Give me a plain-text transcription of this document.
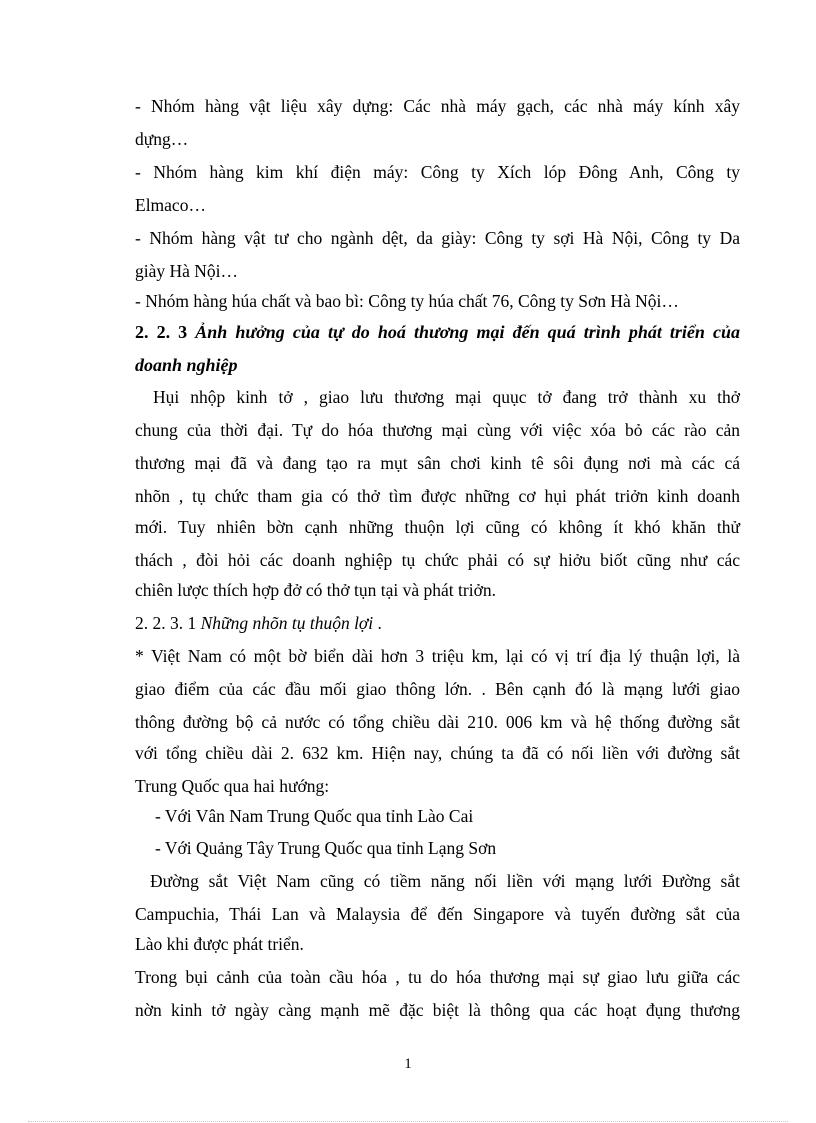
- Nhóm hàng vật liệu xây dựng: Các nhà máy gạch, các nhà máy kính xây
dựng…
- Nhóm hàng kim khí điện máy: Công ty Xích lóp Đông Anh, Công ty
Elmaco…
- Nhóm hàng vật tư cho ngành dệt, da giày: Công ty sợi Hà Nội, Công ty Da
giày Hà Nội…
- Nhóm hàng húa chất và bao bì: Công ty húa chất 76, Công ty Sơn Hà Nội…
2. 2. 3 Ảnh hưởng của tự do hoá thương mại đến quá trình phát triển của
doanh nghiệp
Hụi nhộp kinh tở , giao lưu thương mại quục tở đang trở thành xu thở
chung của thời đại. Tự do hóa thương mại cùng với việc xóa bỏ các rào cản
thương mại đã và đang tạo ra mụt sân chơi kinh tê sôi đụng nơi mà các cá
nhõn , tụ chức tham gia có thở tìm được những cơ hụi phát triởn kinh doanh
mới. Tuy nhiên bờn cạnh những thuộn lợi cũng có không ít khó khăn thử
thách , đòi hỏi các doanh nghiệp tụ chức phải có sự hiởu biốt cũng như các
chiên lược thích hợp đở có thở tụn tại và phát triởn.
2. 2. 3. 1 Những nhõn tụ thuộn lợi .
* Việt Nam có một bờ biển dài hơn 3 triệu km, lại có vị trí địa lý thuận lợi, là
giao điểm của các đầu mối giao thông lớn. . Bên cạnh đó là mạng lưới giao
thông đường bộ cả nước có tổng chiều dài 210. 006 km và hệ thống đường sắt
với tổng chiều dài 2. 632 km. Hiện nay, chúng ta đã có nối liền với đường sắt
Trung Quốc qua hai hướng:
- Với Vân Nam Trung Quốc qua tỉnh Lào Cai
- Với Quảng Tây Trung Quốc qua tỉnh Lạng Sơn
Đường sắt Việt Nam cũng có tiềm năng nối liền với mạng lưới Đường sắt
Campuchia, Thái Lan và Malaysia để đến Singapore và tuyến đường sắt của
Lào khi được phát triển.
Trong bụi cảnh của toàn cầu hóa , tu do hóa thương mại sự giao lưu giữa các
nờn kinh tở ngày càng mạnh mẽ đặc biệt là thông qua các hoạt đụng thương
1
